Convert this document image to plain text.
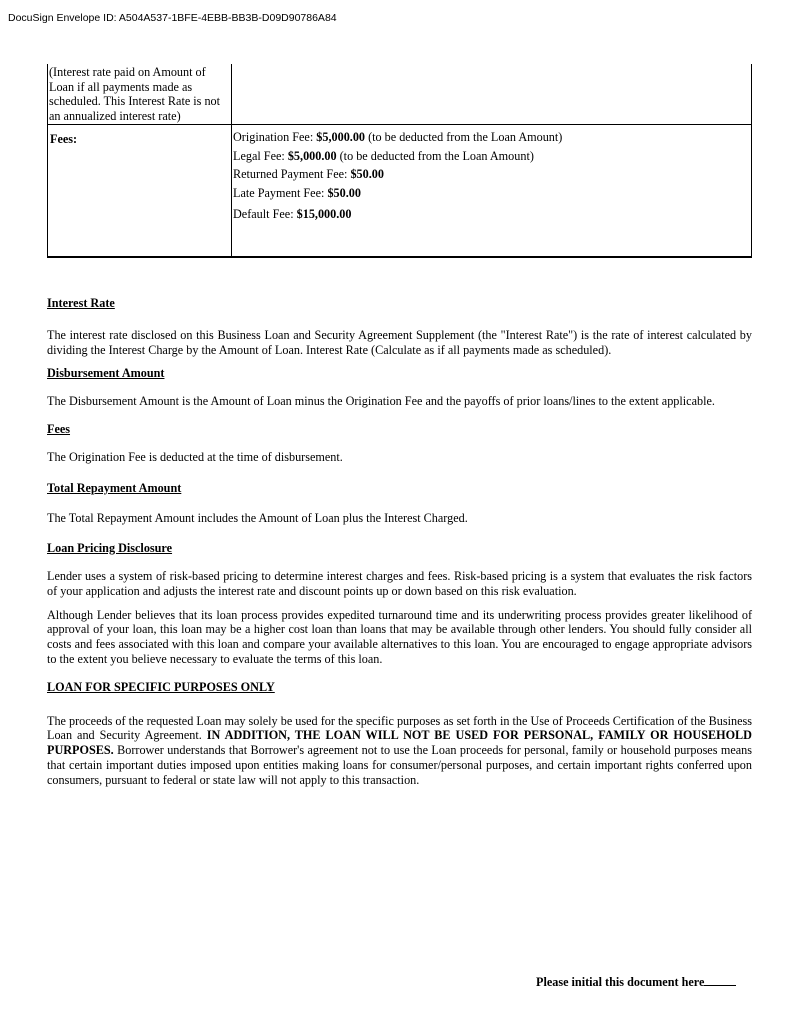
DocuSign Envelope ID: A504A537-1BFE-4EBB-BB3B-D09D90786A84
(Interest rate paid on Amount of Loan if all payments made as scheduled. This Interest Rate is not an annualized interest rate)	
Fees:	Origination Fee: $5,000.00 (to be deducted from the Loan Amount)
Legal Fee: $5,000.00 (to be deducted from the Loan Amount)
Returned Payment Fee: $50.00
Late Payment Fee: $50.00
Default Fee: $15,000.00

Interest Rate

The interest rate disclosed on this Business Loan and Security Agreement Supplement (the "Interest Rate") is the rate of interest calculated by dividing the Interest Charge by the Amount of Loan. Interest Rate (Calculate as if all payments made as scheduled).

Disbursement Amount

The Disbursement Amount is the Amount of Loan minus the Origination Fee and the payoffs of prior loans/lines to the extent applicable.

Fees

The Origination Fee is deducted at the time of disbursement.

Total Repayment Amount

The Total Repayment Amount includes the Amount of Loan plus the Interest Charged.

Loan Pricing Disclosure

Lender uses a system of risk-based pricing to determine interest charges and fees. Risk-based pricing is a system that evaluates the risk factors of your application and adjusts the interest rate and discount points up or down based on this risk evaluation.

Although Lender believes that its loan process provides expedited turnaround time and its underwriting process provides greater likelihood of approval of your loan, this loan may be a higher cost loan than loans that may be available through other lenders. You should fully consider all costs and fees associated with this loan and compare your available alternatives to this loan. You are encouraged to engage appropriate advisors to the extent you believe necessary to evaluate the terms of this loan.

LOAN FOR SPECIFIC PURPOSES ONLY

The proceeds of the requested Loan may solely be used for the specific purposes as set forth in the Use of Proceeds Certification of the Business Loan and Security Agreement. IN ADDITION, THE LOAN WILL NOT BE USED FOR PERSONAL, FAMILY OR HOUSEHOLD PURPOSES. Borrower understands that Borrower's agreement not to use the Loan proceeds for personal, family or household purposes means that certain important duties imposed upon entities making loans for consumer/personal purposes, and certain important rights conferred upon consumers, pursuant to federal or state law will not apply to this transaction.

Please initial this document here
